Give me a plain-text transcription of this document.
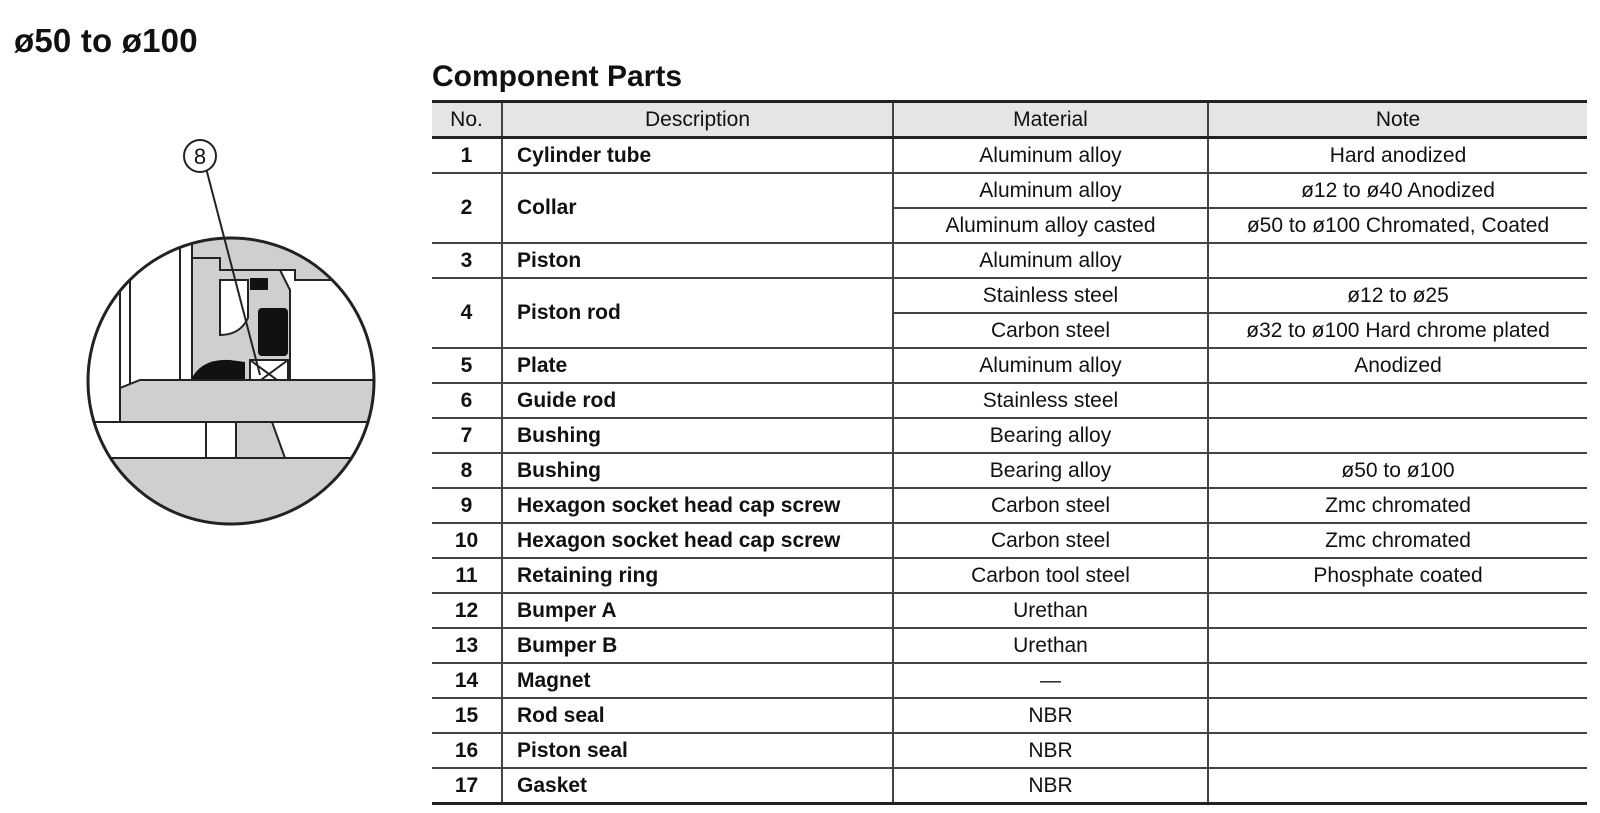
ø50 to ø100
8
Component Parts
No.	Description	Material	Note
1	Cylinder tube	Aluminum alloy	Hard anodized
2	Collar	Aluminum alloy	ø12 to ø40 Anodized
		Aluminum alloy casted	ø50 to ø100 Chromated, Coated
3	Piston	Aluminum alloy	
4	Piston rod	Stainless steel	ø12 to ø25
		Carbon steel	ø32 to ø100 Hard chrome plated
5	Plate	Aluminum alloy	Anodized
6	Guide rod	Stainless steel	
7	Bushing	Bearing alloy	
8	Bushing	Bearing alloy	ø50 to ø100
9	Hexagon socket head cap screw	Carbon steel	Zmc chromated
10	Hexagon socket head cap screw	Carbon steel	Zmc chromated
11	Retaining ring	Carbon tool steel	Phosphate coated
12	Bumper A	Urethan	
13	Bumper B	Urethan	
14	Magnet	—	
15	Rod seal	NBR	
16	Piston seal	NBR	
17	Gasket	NBR	
